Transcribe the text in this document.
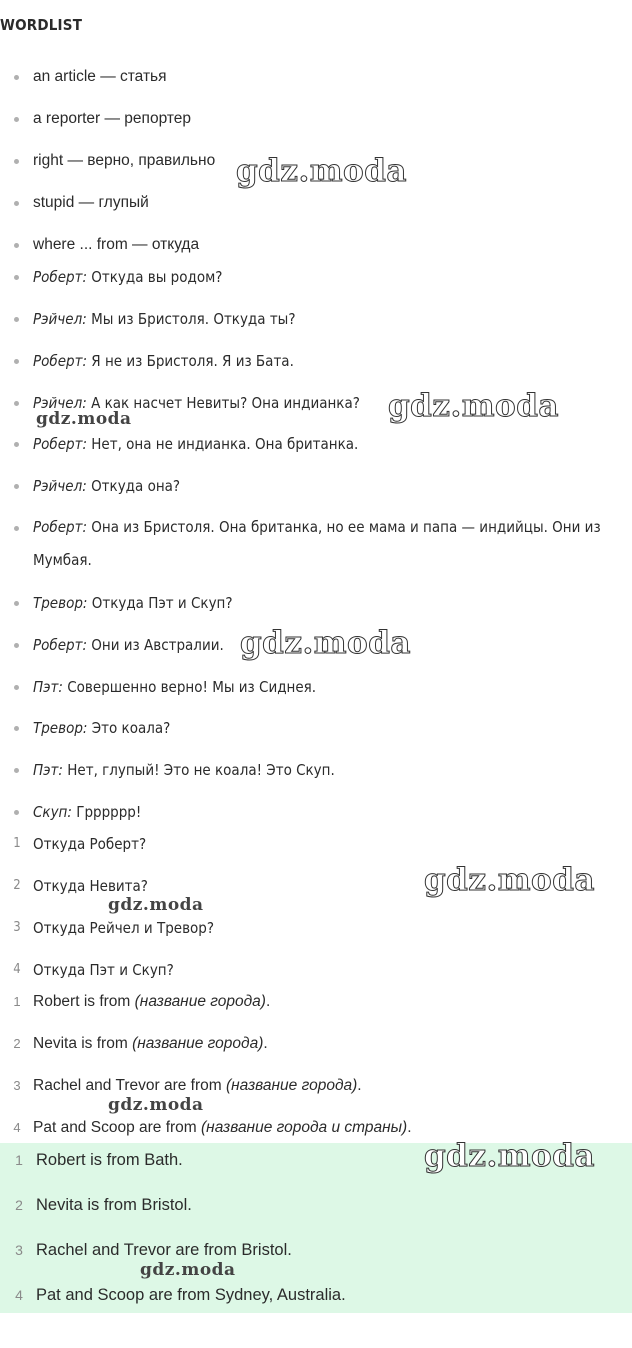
WORDLIST
an article — статья
a reporter — репортер
right — верно, правильно
stupid — глупый
where ... from — откуда
Роберт: Откуда вы родом?
Рэйчел: Мы из Бристоля. Откуда ты?
Роберт: Я не из Бристоля. Я из Бата.
Рэйчел: А как насчет Невиты? Она индианка?
Роберт: Нет, она не индианка. Она британка.
Рэйчел: Откуда она?
Роберт: Она из Бристоля. Она британка, но ее мама и папа — индийцы. Они из Мумбая.
Тревор: Откуда Пэт и Скуп?
Роберт: Они из Австралии.
Пэт: Совершенно верно! Мы из Сиднея.
Тревор: Это коала?
Пэт: Нет, глупый! Это не коала! Это Скуп.
Скуп: Грррррр!
1 Откуда Роберт?
2 Откуда Невита?
3 Откуда Рейчел и Тревор?
4 Откуда Пэт и Скуп?
1 Robert is from (название города).
2 Nevita is from (название города).
3 Rachel and Trevor are from (название города).
4 Pat and Scoop are from (название города и страны).
1 Robert is from Bath.
2 Nevita is from Bristol.
3 Rachel and Trevor are from Bristol.
4 Pat and Scoop are from Sydney, Australia.
gdz.moda
gdz.moda
gdz.moda
gdz.moda
gdz.moda
gdz.moda
gdz.moda
gdz.moda
gdz.moda
